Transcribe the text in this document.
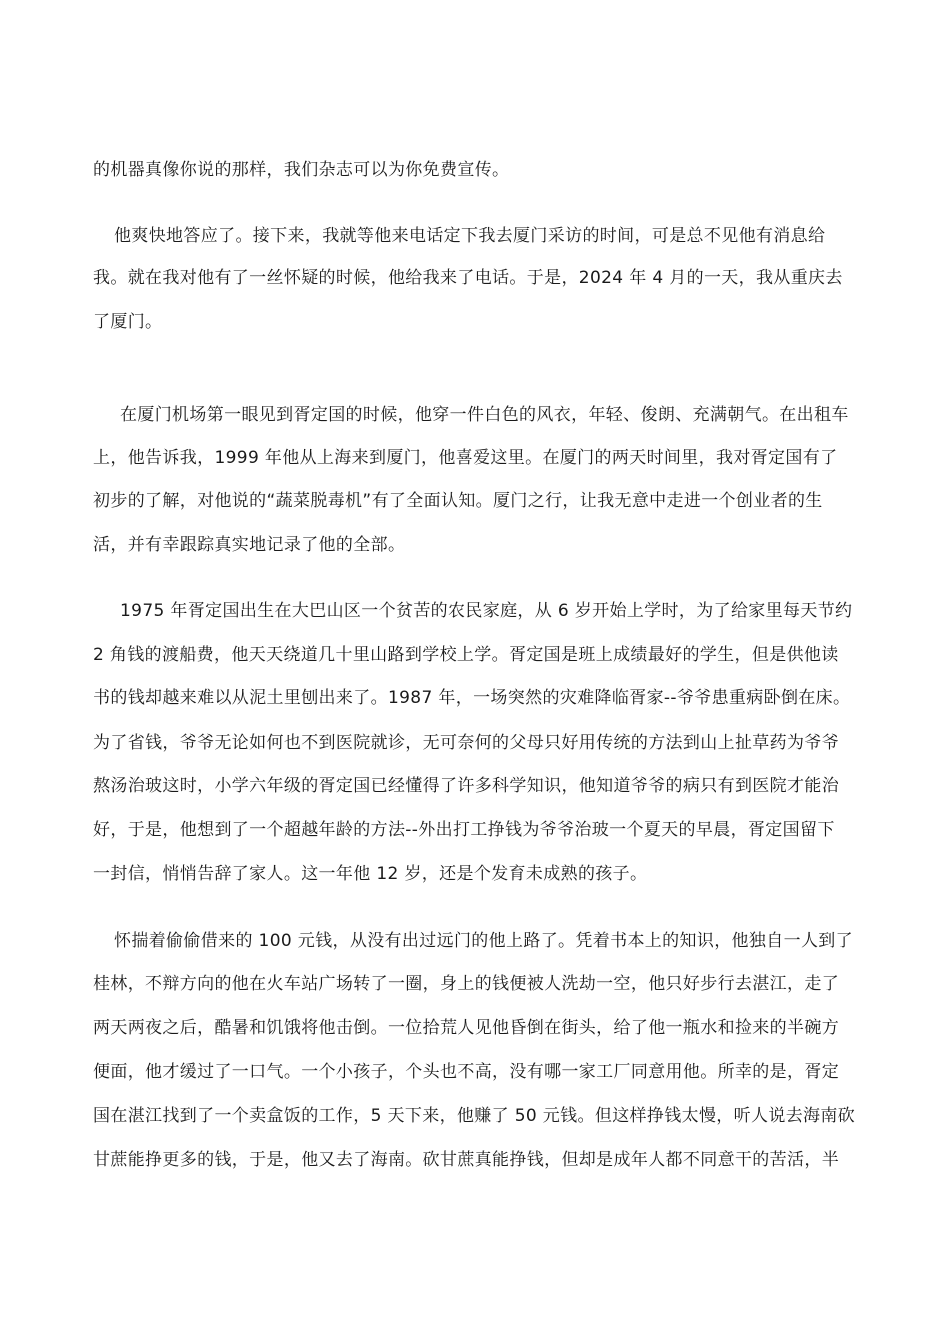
的机器真像你说的那样，我们杂志可以为你免费宣传。
他爽快地答应了。接下来，我就等他来电话定下我去厦门采访的时间，可是总不见他有消息给
我。就在我对他有了一丝怀疑的时候，他给我来了电话。于是，2024 年 4 月的一天，我从重庆去
了厦门。
在厦门机场第一眼见到胥定国的时候，他穿一件白色的风衣，年轻、俊朗、充满朝气。在出租车
上，他告诉我，1999 年他从上海来到厦门，他喜爱这里。在厦门的两天时间里，我对胥定国有了
初步的了解，对他说的“蔬菜脱毒机”有了全面认知。厦门之行，让我无意中走进一个创业者的生
活，并有幸跟踪真实地记录了他的全部。
1975 年胥定国出生在大巴山区一个贫苦的农民家庭，从 6 岁开始上学时，为了给家里每天节约
2 角钱的渡船费，他天天绕道几十里山路到学校上学。胥定国是班上成绩最好的学生，但是供他读
书的钱却越来难以从泥土里刨出来了。1987 年，一场突然的灾难降临胥家--爷爷患重病卧倒在床。
为了省钱，爷爷无论如何也不到医院就诊，无可奈何的父母只好用传统的方法到山上扯草药为爷爷
熬汤治玻这时，小学六年级的胥定国已经懂得了许多科学知识，他知道爷爷的病只有到医院才能治
好，于是，他想到了一个超越年龄的方法--外出打工挣钱为爷爷治玻一个夏天的早晨，胥定国留下
一封信，悄悄告辞了家人。这一年他 12 岁，还是个发育未成熟的孩子。
怀揣着偷偷借来的 100 元钱，从没有出过远门的他上路了。凭着书本上的知识，他独自一人到了
桂林，不辩方向的他在火车站广场转了一圈，身上的钱便被人洗劫一空，他只好步行去湛江，走了
两天两夜之后，酷暑和饥饿将他击倒。一位拾荒人见他昏倒在街头，给了他一瓶水和捡来的半碗方
便面，他才缓过了一口气。一个小孩子，个头也不高，没有哪一家工厂同意用他。所幸的是，胥定
国在湛江找到了一个卖盒饭的工作，5 天下来，他赚了 50 元钱。但这样挣钱太慢，听人说去海南砍
甘蔗能挣更多的钱，于是，他又去了海南。砍甘蔗真能挣钱，但却是成年人都不同意干的苦活，半
